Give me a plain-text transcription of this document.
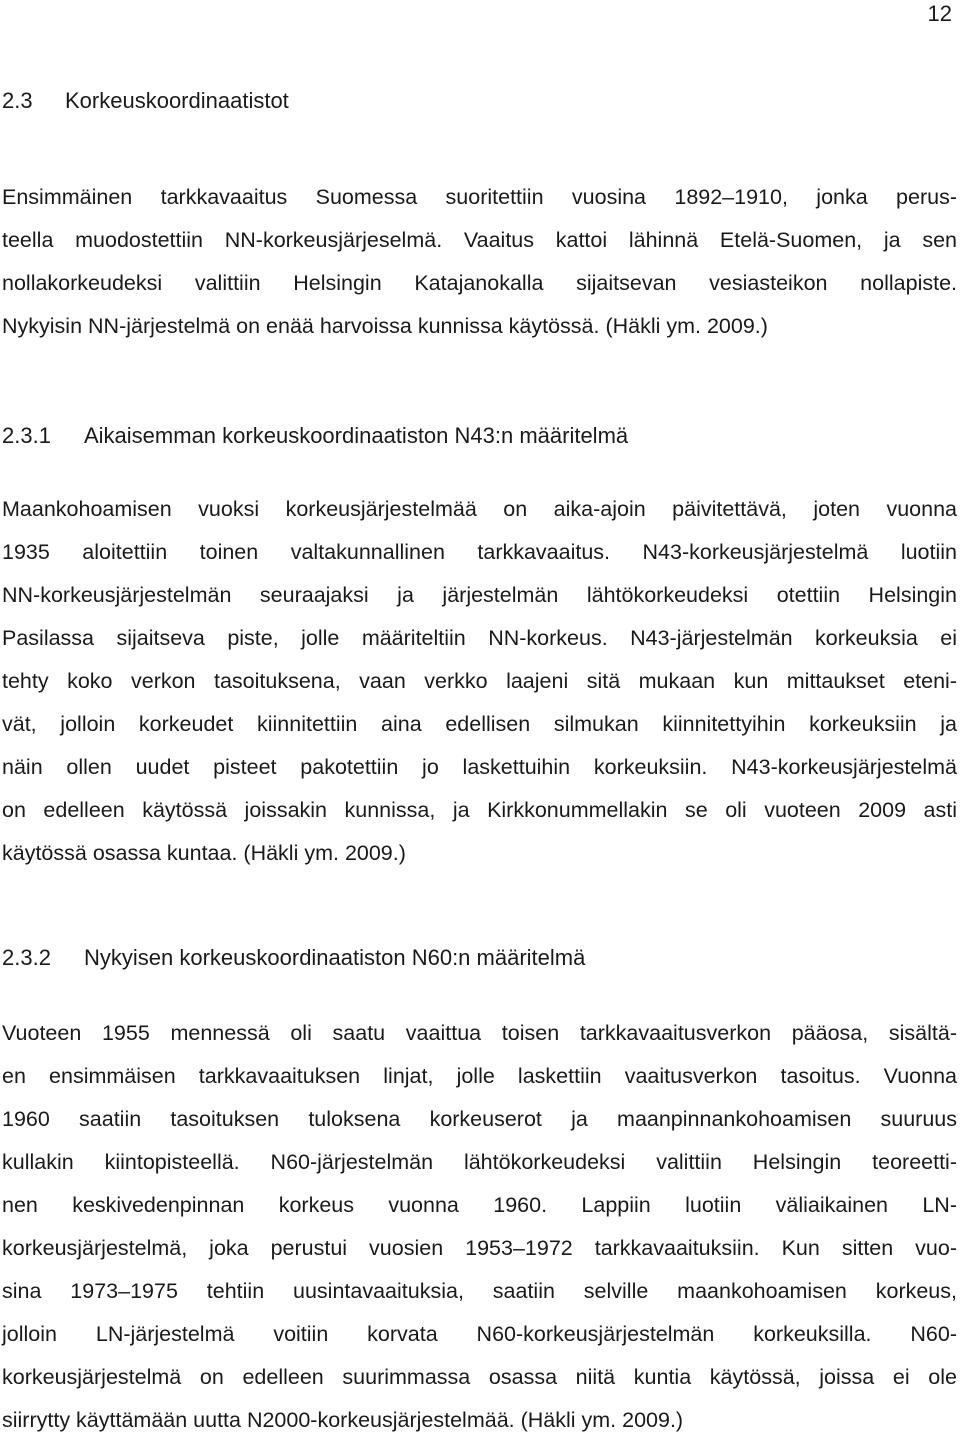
12
2.3 Korkeuskoordinaatistot
Ensimmäinen tarkkavaaitus Suomessa suoritettiin vuosina 1892–1910, jonka perus-
teella muodostettiin NN-korkeusjärjeselmä. Vaaitus kattoi lähinnä Etelä-Suomen, ja sen
nollakorkeudeksi valittiin Helsingin Katajanokalla sijaitsevan vesiasteikon nollapiste.
Nykyisin NN-järjestelmä on enää harvoissa kunnissa käytössä. (Häkli ym. 2009.)
2.3.1 Aikaisemman korkeuskoordinaatiston N43:n määritelmä
Maankohoamisen vuoksi korkeusjärjestelmää on aika-ajoin päivitettävä, joten vuonna
1935 aloitettiin toinen valtakunnallinen tarkkavaaitus. N43-korkeusjärjestelmä luotiin
NN-korkeusjärjestelmän seuraajaksi ja järjestelmän lähtökorkeudeksi otettiin Helsingin
Pasilassa sijaitseva piste, jolle määriteltiin NN-korkeus. N43-järjestelmän korkeuksia ei
tehty koko verkon tasoituksena, vaan verkko laajeni sitä mukaan kun mittaukset eteni-
vät, jolloin korkeudet kiinnitettiin aina edellisen silmukan kiinnitettyihin korkeuksiin ja
näin ollen uudet pisteet pakotettiin jo laskettuihin korkeuksiin. N43-korkeusjärjestelmä
on edelleen käytössä joissakin kunnissa, ja Kirkkonummellakin se oli vuoteen 2009 asti
käytössä osassa kuntaa. (Häkli ym. 2009.)
2.3.2 Nykyisen korkeuskoordinaatiston N60:n määritelmä
Vuoteen 1955 mennessä oli saatu vaaittua toisen tarkkavaaitusverkon pääosa, sisältä-
en ensimmäisen tarkkavaaituksen linjat, jolle laskettiin vaaitusverkon tasoitus. Vuonna
1960 saatiin tasoituksen tuloksena korkeuserot ja maanpinnankohoamisen suuruus
kullakin kiintopisteellä. N60-järjestelmän lähtökorkeudeksi valittiin Helsingin teoreetti-
nen keskivedenpinnan korkeus vuonna 1960. Lappiin luotiin väliaikainen LN-
korkeusjärjestelmä, joka perustui vuosien 1953–1972 tarkkavaaituksiin. Kun sitten vuo-
sina 1973–1975 tehtiin uusintavaaituksia, saatiin selville maankohoamisen korkeus,
jolloin LN-järjestelmä voitiin korvata N60-korkeusjärjestelmän korkeuksilla. N60-
korkeusjärjestelmä on edelleen suurimmassa osassa niitä kuntia käytössä, joissa ei ole
siirrytty käyttämään uutta N2000-korkeusjärjestelmää. (Häkli ym. 2009.)
